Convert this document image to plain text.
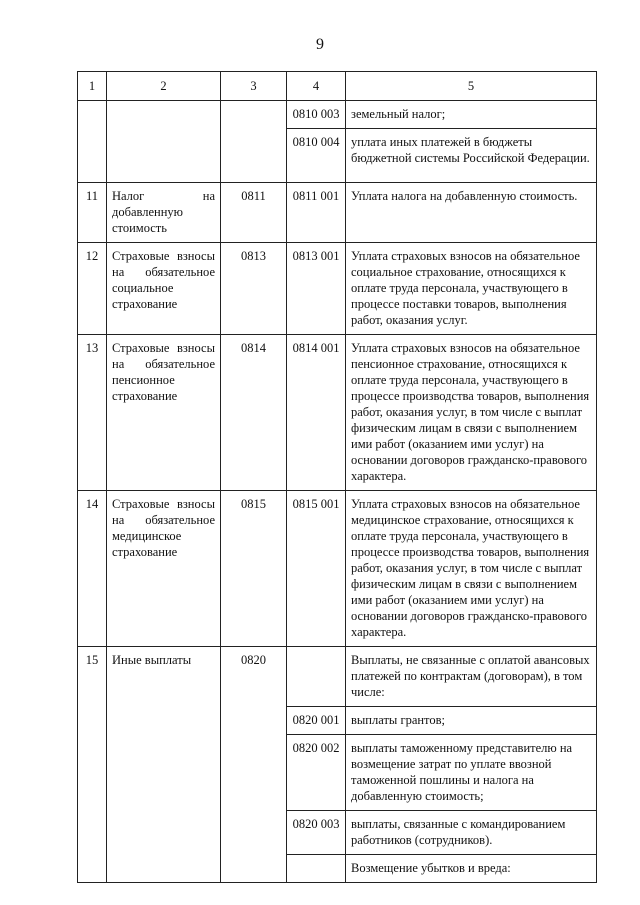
9
1	2	3	4	5
			0810 003	земельный налог;
			0810 004	уплата иных платежей в бюджеты бюджетной системы Российской Федерации.
11	Налог на добавленную стоимость	0811	0811 001	Уплата налога на добавленную стоимость.
12	Страховые взносы на обязательное социальное страхование	0813	0813 001	Уплата страховых взносов на обязательное социальное страхование, относящихся к оплате труда персонала, участвующего в процессе поставки товаров, выполнения работ, оказания услуг.
13	Страховые взносы на обязательное пенсионное страхование	0814	0814 001	Уплата страховых взносов на обязательное пенсионное страхование, относящихся к оплате труда персонала, участвующего в процессе производства товаров, выполнения работ, оказания услуг, в том числе с выплат физическим лицам в связи с выполнением ими работ (оказанием ими услуг) на основании договоров гражданско-правового характера.
14	Страховые взносы на обязательное медицинское страхование	0815	0815 001	Уплата страховых взносов на обязательное медицинское страхование, относящихся к оплате труда персонала, участвующего в процессе производства товаров, выполнения работ, оказания услуг, в том числе с выплат физическим лицам в связи с выполнением ими работ (оказанием ими услуг) на основании договоров гражданско-правового характера.
15	Иные выплаты	0820		Выплаты, не связанные с оплатой авансовых платежей по контрактам (договорам), в том числе:
			0820 001	выплаты грантов;
			0820 002	выплаты таможенному представителю на возмещение затрат по уплате ввозной таможенной пошлины и налога на добавленную стоимость;
			0820 003	выплаты, связанные с командированием работников (сотрудников).
				Возмещение убытков и вреда:
